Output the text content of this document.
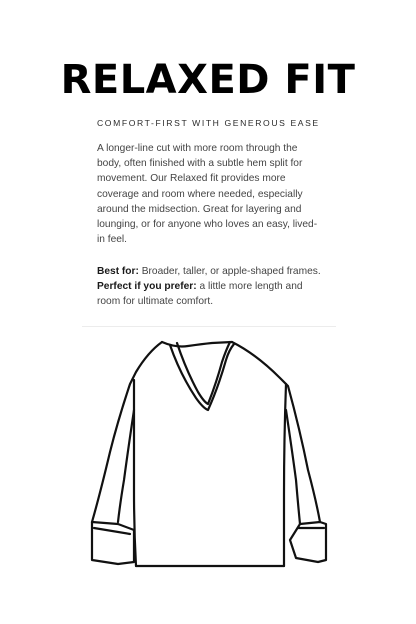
RELAXED FIT
COMFORT-FIRST WITH GENEROUS EASE

A longer-line cut with more room through the
body, often finished with a subtle hem split for
movement. Our Relaxed fit provides more
coverage and room where needed, especially
around the midsection. Great for layering and
lounging, or for anyone who loves an easy, lived-
in feel.

Best for: Broader, taller, or apple-shaped frames.
Perfect if you prefer: a little more length and
room for ultimate comfort.
